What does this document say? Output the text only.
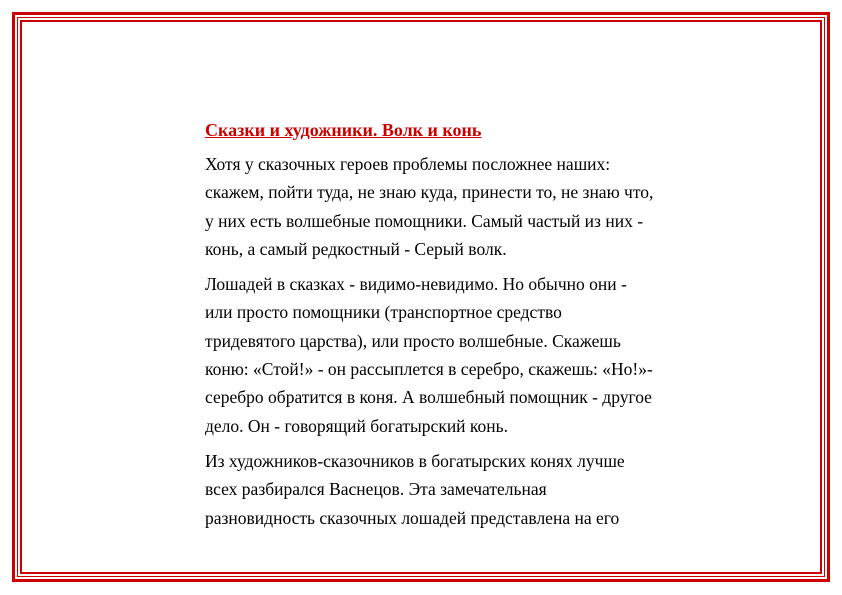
Сказки и художники. Волк и конь
Хотя у сказочных героев проблемы посложнее наших:
скажем, пойти туда, не знаю куда, принести то, не знаю что,
у них есть волшебные помощники. Самый частый из них -
конь, а самый редкостный - Серый волк.
Лошадей в сказках - видимо-невидимо. Но обычно они -
или просто помощники (транспортное средство
тридевятого царства), или просто волшебные. Скажешь
коню: «Стой!» - он рассыплется в серебро, скажешь: «Но!»-
серебро обратится в коня. А волшебный помощник - другое
дело. Он - говорящий богатырский конь.
Из художников-сказочников в богатырских конях лучше
всех разбирался Васнецов. Эта замечательная
разновидность сказочных лошадей представлена на его
